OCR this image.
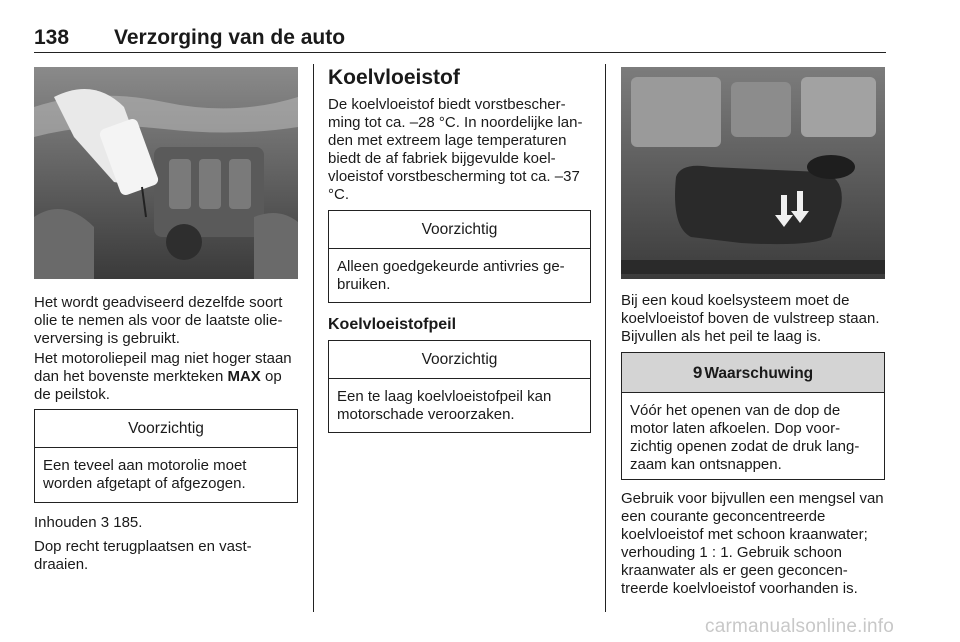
138 Verzorging van de auto

Het wordt geadviseerd dezelfde soort olie te nemen als voor de laatste olie-verversing is gebruikt.

Het motoroliepeil mag niet hoger staan dan het bovenste merkteken MAX op de peilstok.

Voorzichtig
Een teveel aan motorolie moet worden afgetapt of afgezogen.

Inhouden 3 185.

Dop recht terugplaatsen en vast-draaien.

Koelvloeistof

De koelvloeistof biedt vorstbescher-ming tot ca. –28 °C. In noordelijke lan-den met extreem lage temperaturen biedt de af fabriek bijgevulde koel-vloeistof vorstbescherming tot ca. –37 °C.

Voorzichtig
Alleen goedgekeurde antivries ge-bruiken.
Koelvloeistofpeil
Voorzichtig
Een te laag koelvloeistofpeil kan motorschade veroorzaken.

Bij een koud koelsysteem moet de koelvloeistof boven de vulstreep staan. Bijvullen als het peil te laag is.

9 Waarschuwing
Vóór het openen van de dop de motor laten afkoelen. Dop voor-zichtig openen zodat de druk lang-zaam kan ontsnappen.

Gebruik voor bijvullen een mengsel van een courante geconcentreerde koelvloeistof met schoon kraanwater; verhouding 1 : 1. Gebruik schoon kraanwater als er geen geconcen-treerde koelvloeistof voorhanden is.

carmanualsonline.info
